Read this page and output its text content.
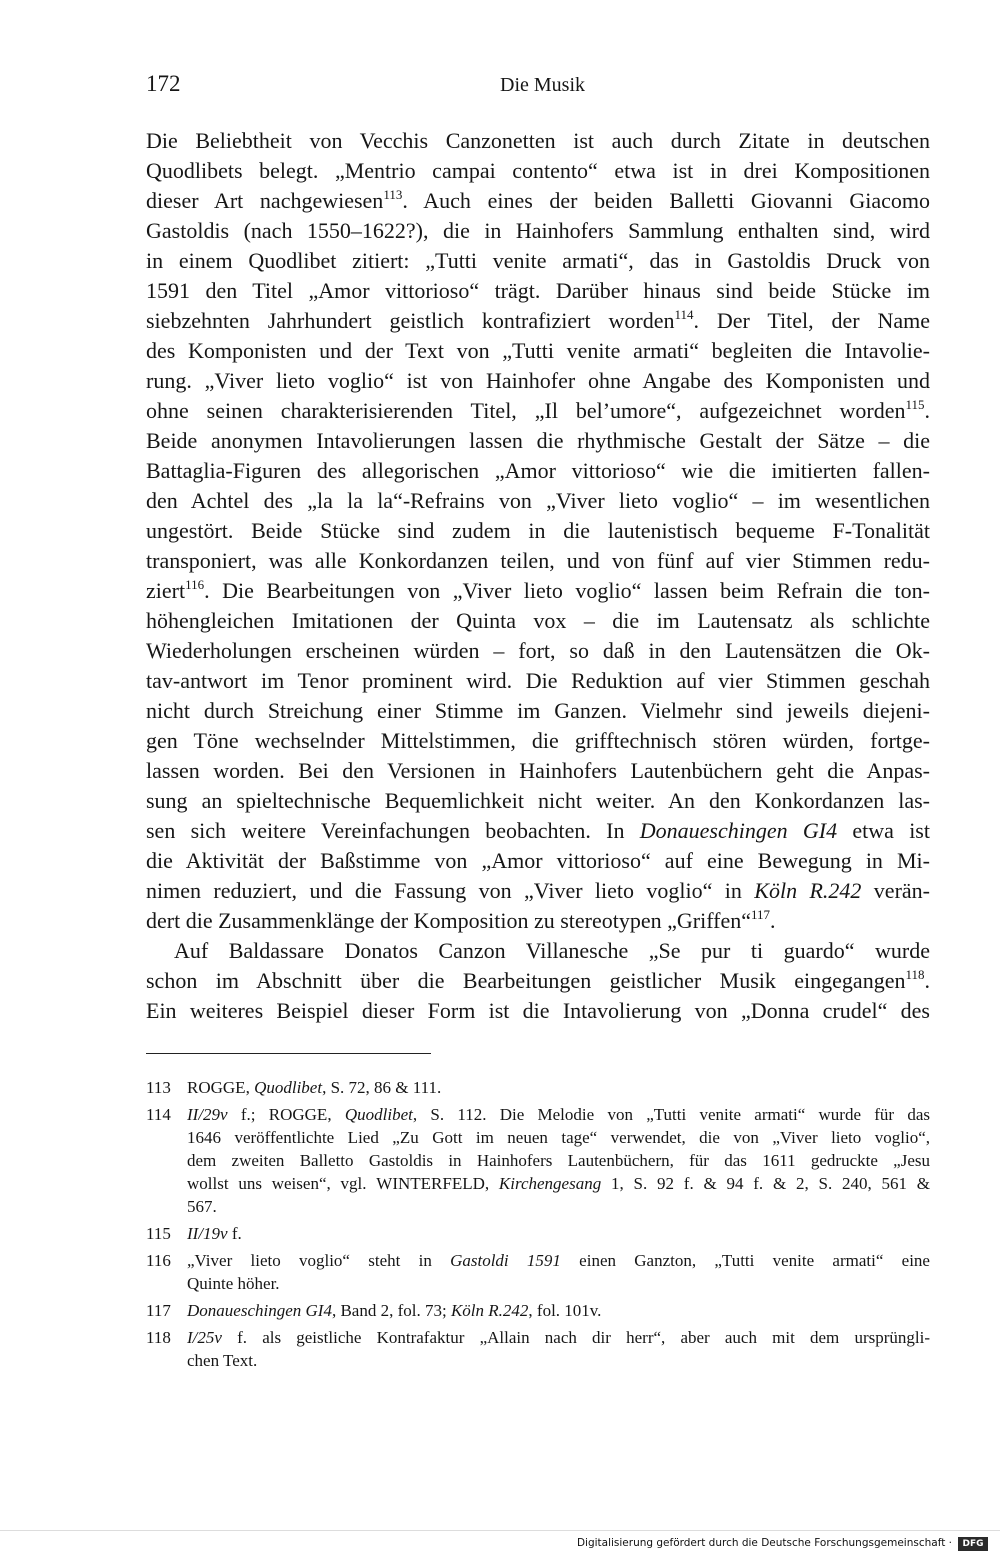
172	Die Musik
Die Beliebtheit von Vecchis Canzonetten ist auch durch Zitate in deutschen
Quodlibets belegt. „Mentrio campai contento“ etwa ist in drei Kompositionen
dieser Art nachgewiesen$^{113}$. Auch eines der beiden Balletti Giovanni Giacomo
Gastoldis (nach 1550–1622?), die in Hainhofers Sammlung enthalten sind, wird
in einem Quodlibet zitiert: „Tutti venite armati“, das in Gastoldis Druck von
1591 den Titel „Amor vittorioso“ trägt. Darüber hinaus sind beide Stücke im
siebzehnten Jahrhundert geistlich kontrafiziert worden$^{114}$. Der Titel, der Name
des Komponisten und der Text von „Tutti venite armati“ begleiten die Intavolie-
rung. „Viver lieto voglio“ ist von Hainhofer ohne Angabe des Komponisten und
ohne seinen charakterisierenden Titel, „Il bel’umore“, aufgezeichnet worden$^{115}$.
Beide anonymen Intavolierungen lassen die rhythmische Gestalt der Sätze – die
Battaglia-Figuren des allegorischen „Amor vittorioso“ wie die imitierten fallen-
den Achtel des „la la la“-Refrains von „Viver lieto voglio“ – im wesentlichen
ungestört. Beide Stücke sind zudem in die lautenistisch bequeme F-Tonalität
transponiert, was alle Konkordanzen teilen, und von fünf auf vier Stimmen redu-
ziert$^{116}$. Die Bearbeitungen von „Viver lieto voglio“ lassen beim Refrain die ton-
höhengleichen Imitationen der Quinta vox – die im Lautensatz als schlichte
Wiederholungen erscheinen würden – fort, so daß in den Lautensätzen die Ok-
tav-antwort im Tenor prominent wird. Die Reduktion auf vier Stimmen geschah
nicht durch Streichung einer Stimme im Ganzen. Vielmehr sind jeweils diejeni-
gen Töne wechselnder Mittelstimmen, die grifftechnisch stören würden, fortge-
lassen worden. Bei den Versionen in Hainhofers Lautenbüchern geht die Anpas-
sung an spieltechnische Bequemlichkeit nicht weiter. An den Konkordanzen las-
sen sich weitere Vereinfachungen beobachten. In Donaueschingen GI4 etwa ist
die Aktivität der Baßstimme von „Amor vittorioso“ auf eine Bewegung in Mi-
nimen reduziert, und die Fassung von „Viver lieto voglio“ in Köln R.242 verän-
dert die Zusammenklänge der Komposition zu stereotypen „Griffen“$^{117}$.
Auf Baldassare Donatos Canzon Villanesche „Se pur ti guardo“ wurde
schon im Abschnitt über die Bearbeitungen geistlicher Musik eingegangen$^{118}$.
Ein weiteres Beispiel dieser Form ist die Intavolierung von „Donna crudel“ des
113 ROGGE, Quodlibet, S. 72, 86 & 111.
114 II/29v f.; ROGGE, Quodlibet, S. 112. Die Melodie von „Tutti venite armati“ wurde für das
1646 veröffentlichte Lied „Zu Gott im neuen tage“ verwendet, die von „Viver lieto voglio“,
dem zweiten Balletto Gastoldis in Hainhofers Lautenbüchern, für das 1611 gedruckte „Jesu
wollst uns weisen“, vgl. WINTERFELD, Kirchengesang 1, S. 92 f. & 94 f. & 2, S. 240, 561 &
567.
115 II/19v f.
116 „Viver lieto voglio“ steht in Gastoldi 1591 einen Ganzton, „Tutti venite armati“ eine
Quinte höher.
117 Donaueschingen GI4, Band 2, fol. 73; Köln R.242, fol. 101v.
118 I/25v f. als geistliche Kontrafaktur „Allain nach dir herr“, aber auch mit dem ursprüngli-
chen Text.
Digitalisierung gefördert durch die Deutsche Forschungsgemeinschaft ·	DFG
